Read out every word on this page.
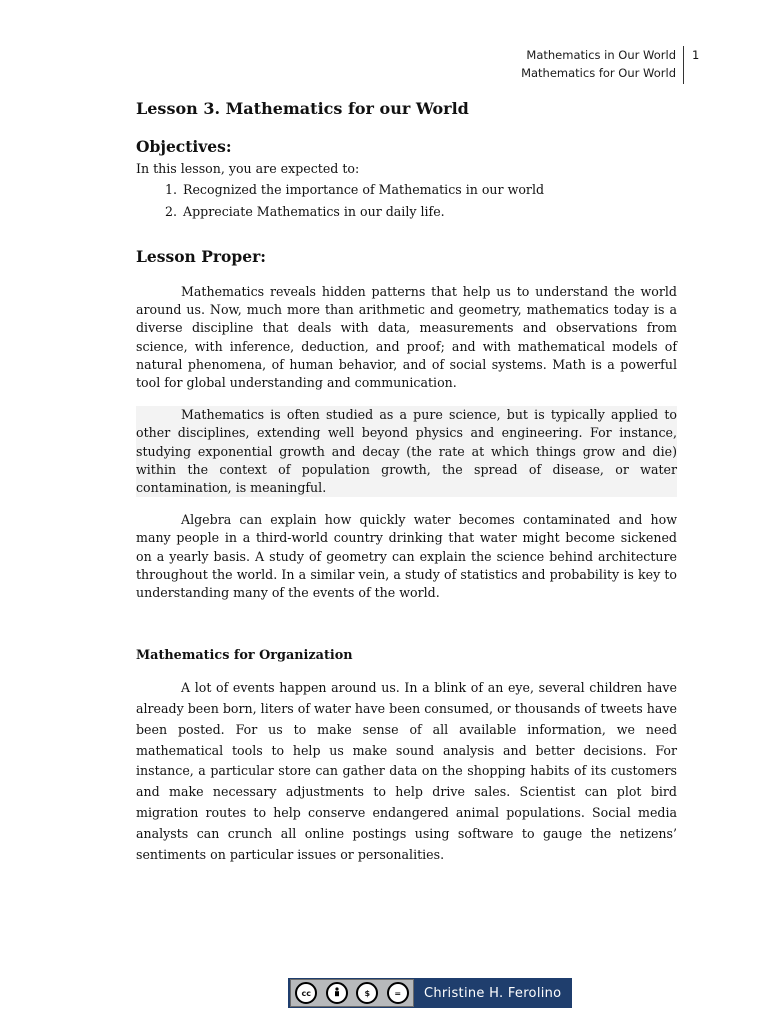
Mathematics in Our World
Mathematics for Our World
1
Lesson 3. Mathematics for our World
Objectives:

In this lesson, you are expected to:

1. Recognized the importance of Mathematics in our world
2. Appreciate Mathematics in our daily life.
Lesson Proper:

Mathematics reveals hidden patterns that help us to understand the world around us. Now, much more than arithmetic and geometry, mathematics today is a diverse discipline that deals with data, measurements and observations from science, with inference, deduction, and proof; and with mathematical models of natural phenomena, of human behavior, and of social systems. Math is a powerful tool for global understanding and communication.

Mathematics is often studied as a pure science, but is typically applied to other disciplines, extending well beyond physics and engineering. For instance, studying exponential growth and decay (the rate at which things grow and die) within the context of population growth, the spread of disease, or water contamination, is meaningful.

Algebra can explain how quickly water becomes contaminated and how many people in a third-world country drinking that water might become sickened on a yearly basis. A study of geometry can explain the science behind architecture throughout the world. In a similar vein, a study of statistics and probability is key to understanding many of the events of the world.

Mathematics for Organization

A lot of events happen around us. In a blink of an eye, several children have already been born, liters of water have been consumed, or thousands of tweets have been posted. For us to make sense of all available information, we need mathematical tools to help us make sound analysis and better decisions. For instance, a particular store can gather data on the shopping habits of its customers and make necessary adjustments to help drive sales. Scientist can plot bird migration routes to help conserve endangered animal populations. Social media analysts can crunch all online postings using software to gauge the netizens’ sentiments on particular issues or personalities.

cc	$	=	Christine H. Ferolino
